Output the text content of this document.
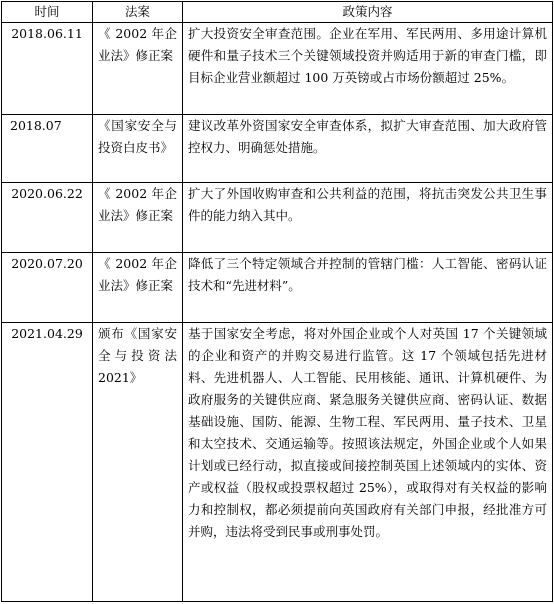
时间	法案	政策内容
2018.06.11	《 2002 年企业法》修正案	扩大投资安全审查范围。企业在军用、军民两用、多用途计算机硬件和量子技术三个关键领域投资并购适用于新的审查门槛，即目标企业营业额超过 100 万英镑或占市场份额超过 25%。
2018.07	《国家安全与投资白皮书》	建议改革外资国家安全审查体系，拟扩大审查范围、加大政府管控权力、明确惩处措施。
2020.06.22	《 2002 年企业法》修正案	扩大了外国收购审查和公共利益的范围，将抗击突发公共卫生事件的能力纳入其中。
2020.07.20	《 2002 年企业法》修正案	降低了三个特定领域合并控制的管辖门槛：人工智能、密码认证技术和“先进材料”。
2021.04.29	颁布《国家安全与投资法 2021》	基于国家安全考虑，将对外国企业或个人对英国 17 个关键领域的企业和资产的并购交易进行监管。这 17 个领域包括先进材料、先进机器人、人工智能、民用核能、通讯、计算机硬件、为政府服务的关键供应商、紧急服务关键供应商、密码认证、数据基础设施、国防、能源、生物工程、军民两用、量子技术、卫星和太空技术、交通运输等。按照该法规定，外国企业或个人如果计划或已经行动，拟直接或间接控制英国上述领域内的实体、资产或权益（股权或投票权超过 25%），或取得对有关权益的影响力和控制权，都必须提前向英国政府有关部门申报，经批准方可并购，违法将受到民事或刑事处罚。
